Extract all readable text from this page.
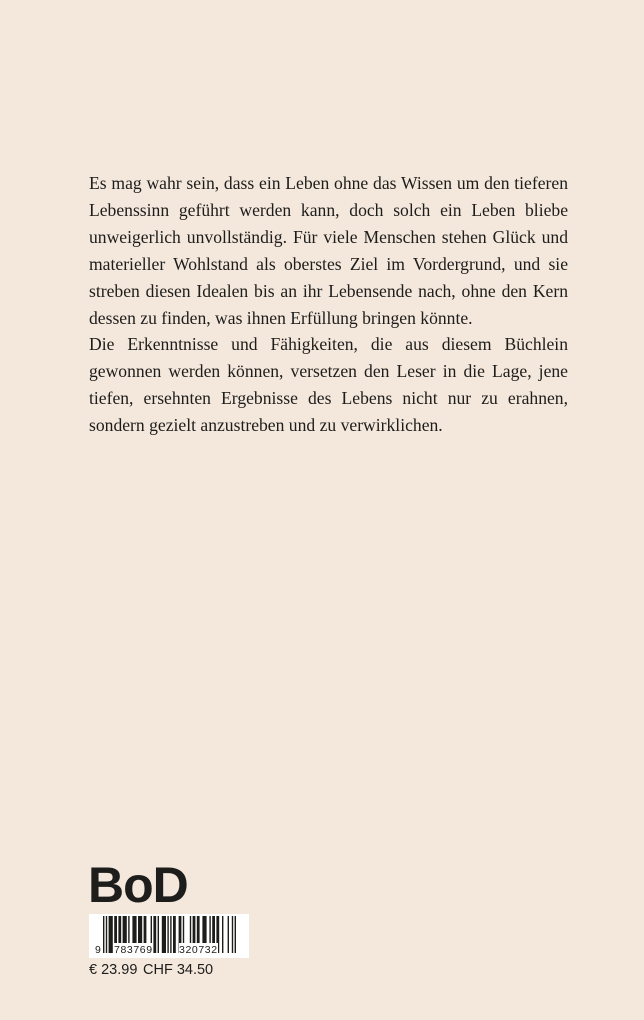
Es mag wahr sein, dass ein Leben ohne das Wissen um den tieferen Lebenssinn geführt werden kann, doch solch ein Leben bliebe unweigerlich unvollständig. Für viele Menschen stehen Glück und materieller Wohlstand als oberstes Ziel im Vordergrund, und sie streben diesen Idealen bis an ihr Lebensende nach, ohne den Kern dessen zu finden, was ihnen Erfüllung bringen könnte.

Die Erkenntnisse und Fähigkeiten, die aus diesem Büchlein gewonnen werden können, versetzen den Leser in die Lage, jene tiefen, ersehnten Ergebnisse des Lebens nicht nur zu erahnen, sondern gezielt anzustreben und zu verwirklichen.

BoD
9 783769	320732
€ 23.99 CHF 34.50
